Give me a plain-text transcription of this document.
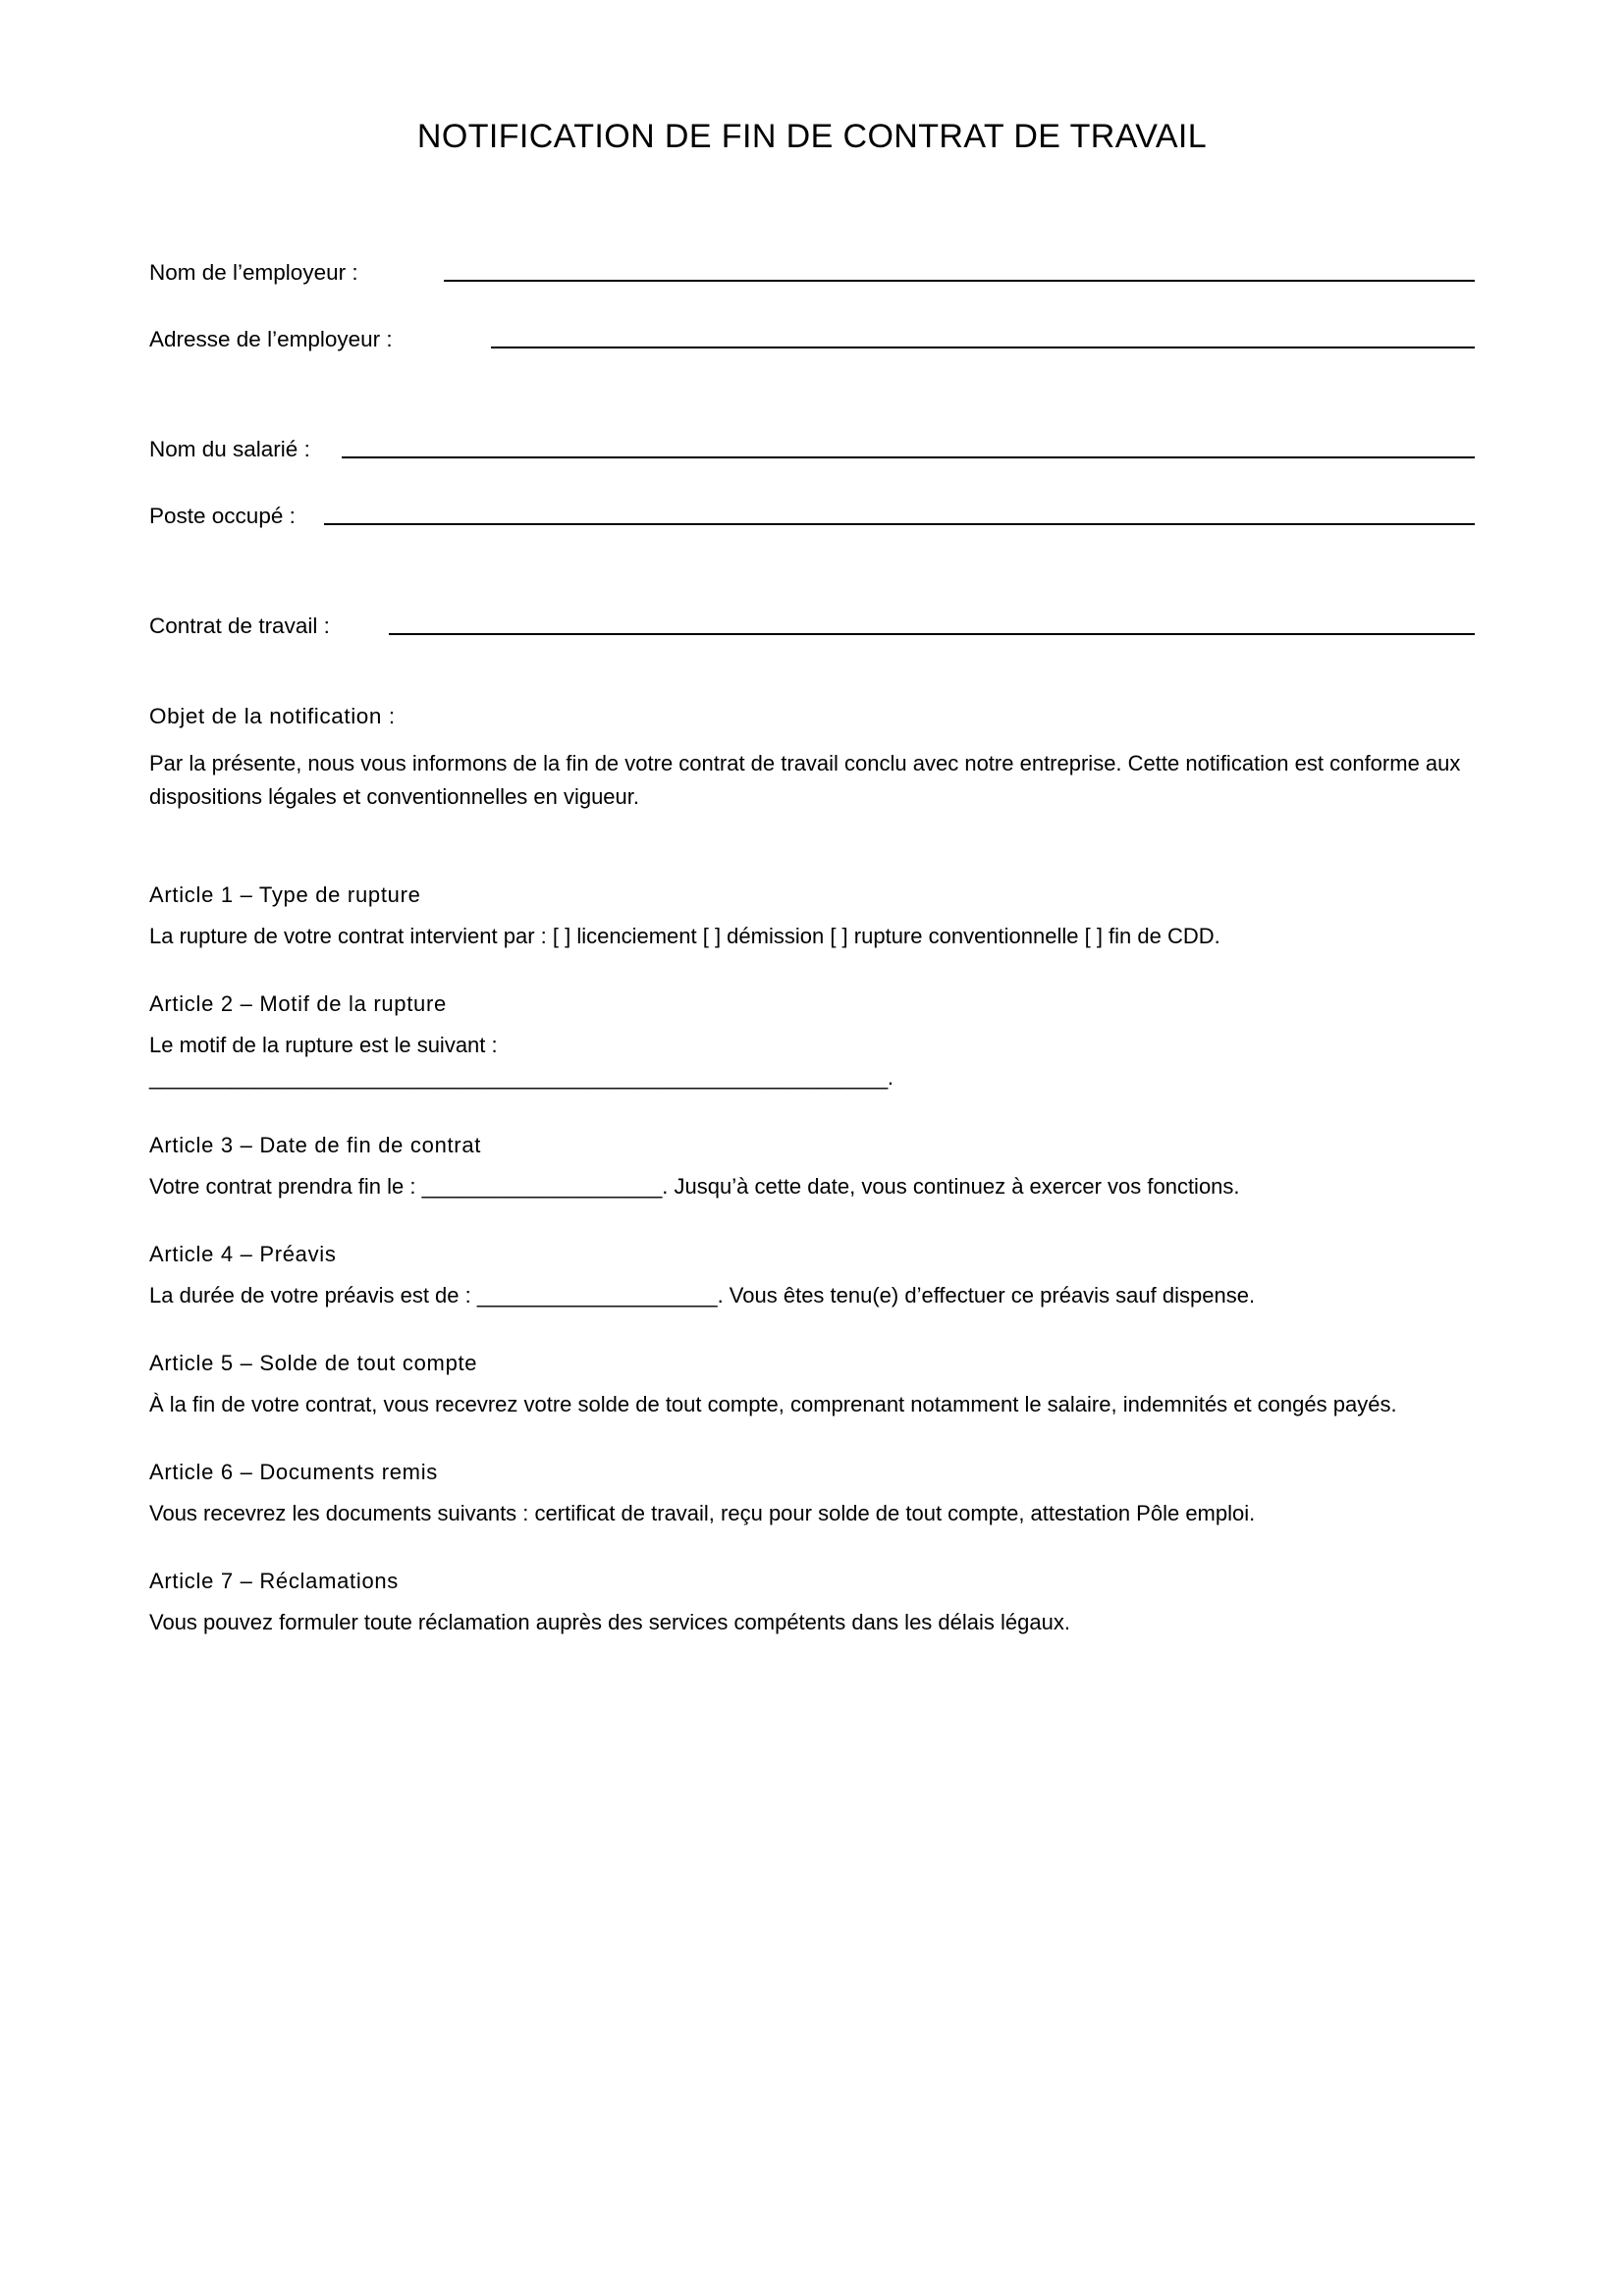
NOTIFICATION DE FIN DE CONTRAT DE TRAVAIL
Nom de l’employeur :
Adresse de l’employeur :
Nom du salarié :
Poste occupé :
Contrat de travail :
Objet de la notification :

Par la présente, nous vous informons de la fin de votre contrat de travail conclu avec notre entreprise. Cette notification est conforme aux dispositions légales et conventionnelles en vigueur.

Article 1 – Type de rupture

La rupture de votre contrat intervient par : [ ] licenciement [ ] démission [ ] rupture conventionnelle [ ] fin de CDD.

Article 2 – Motif de la rupture

Le motif de la rupture est le suivant :

_______________________________________________________________.

Article 3 – Date de fin de contrat

Votre contrat prendra fin le : ____________________. Jusqu’à cette date, vous continuez à exercer vos fonctions.

Article 4 – Préavis

La durée de votre préavis est de : ____________________. Vous êtes tenu(e) d’effectuer ce préavis sauf dispense.

Article 5 – Solde de tout compte

À la fin de votre contrat, vous recevrez votre solde de tout compte, comprenant notamment le salaire, indemnités et congés payés.

Article 6 – Documents remis

Vous recevrez les documents suivants : certificat de travail, reçu pour solde de tout compte, attestation Pôle emploi.

Article 7 – Réclamations

Vous pouvez formuler toute réclamation auprès des services compétents dans les délais légaux.
